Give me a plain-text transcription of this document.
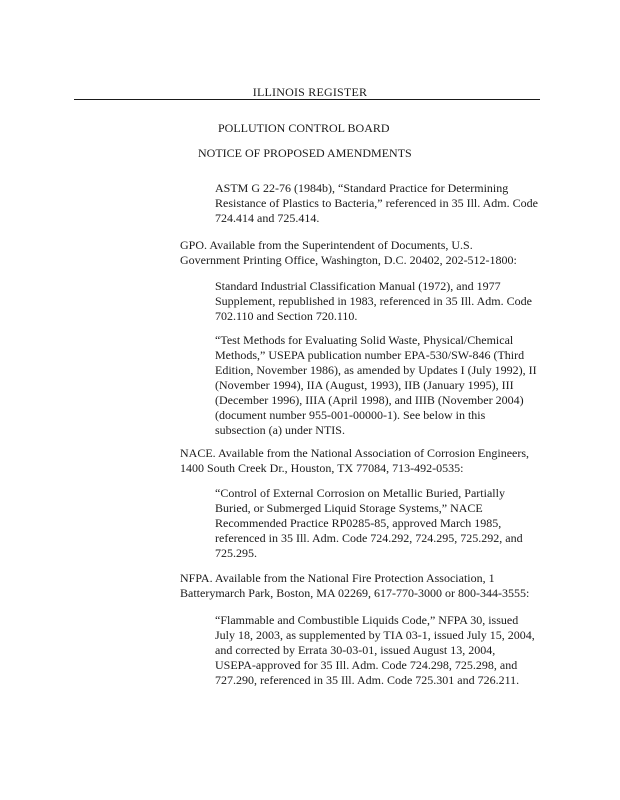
ILLINOIS REGISTER
POLLUTION CONTROL BOARD
NOTICE OF PROPOSED AMENDMENTS
ASTM G 22-76 (1984b), “Standard Practice for Determining
Resistance of Plastics to Bacteria,” referenced in 35 Ill. Adm. Code
724.414 and 725.414.
GPO. Available from the Superintendent of Documents, U.S.
Government Printing Office, Washington, D.C. 20402, 202-512-1800:
Standard Industrial Classification Manual (1972), and 1977
Supplement, republished in 1983, referenced in 35 Ill. Adm. Code
702.110 and Section 720.110.
“Test Methods for Evaluating Solid Waste, Physical/Chemical
Methods,” USEPA publication number EPA-530/SW-846 (Third
Edition, November 1986), as amended by Updates I (July 1992), II
(November 1994), IIA (August, 1993), IIB (January 1995), III
(December 1996), IIIA (April 1998), and IIIB (November 2004)
(document number 955-001-00000-1). See below in this
subsection (a) under NTIS.
NACE. Available from the National Association of Corrosion Engineers,
1400 South Creek Dr., Houston, TX 77084, 713-492-0535:
“Control of External Corrosion on Metallic Buried, Partially
Buried, or Submerged Liquid Storage Systems,” NACE
Recommended Practice RP0285-85, approved March 1985,
referenced in 35 Ill. Adm. Code 724.292, 724.295, 725.292, and
725.295.
NFPA. Available from the National Fire Protection Association, 1
Batterymarch Park, Boston, MA 02269, 617-770-3000 or 800-344-3555:
“Flammable and Combustible Liquids Code,” NFPA 30, issued
July 18, 2003, as supplemented by TIA 03-1, issued July 15, 2004,
and corrected by Errata 30-03-01, issued August 13, 2004,
USEPA-approved for 35 Ill. Adm. Code 724.298, 725.298, and
727.290, referenced in 35 Ill. Adm. Code 725.301 and 726.211.
